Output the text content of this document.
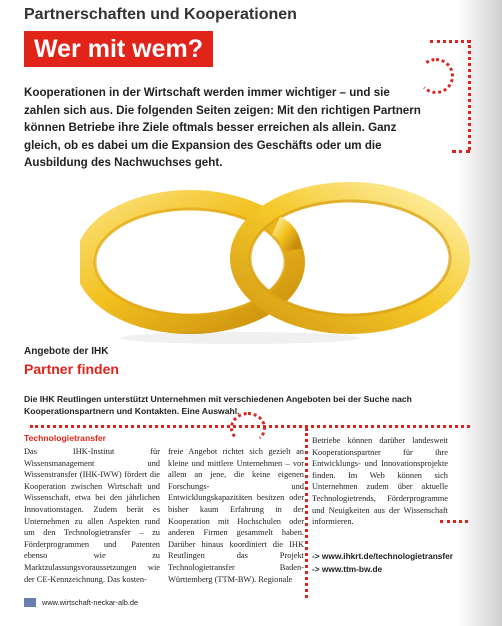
Partnerschaften und Kooperationen
Wer mit wem?
Kooperationen in der Wirtschaft werden immer wichtiger – und sie zahlen sich aus. Die folgenden Seiten zeigen: Mit den richtigen Partnern können Betriebe ihre Ziele oftmals besser erreichen als allein. Ganz gleich, ob es dabei um die Expansion des Geschäfts oder um die Ausbildung des Nachwuchses geht.
Angebote der IHK
Partner finden
Die IHK Reutlingen unterstützt Unternehmen mit verschiedenen Angeboten bei der Suche nach Kooperationspartnern und Kontakten. Eine Auswahl.
Technologietransfer
Das IHK-Institut für Wissensmanagement und Wissenstransfer (IHK-IWW) fördert die Kooperation zwischen Wirtschaft und Wissenschaft, etwa bei den jährlichen Innovationstagen. Zudem berät es Unternehmen zu allen Aspekten rund um den Technologietransfer – zu Förderprogrammen und Patenten ebenso wie zu Marktzulassungsvoraussetzungen wie der CE-Kennzeichnung. Das kosten-
freie Angebot richtet sich gezielt an kleine und mittlere Unternehmen – vor allem an jene, die keine eigenen Forschungs- und Entwicklungskapazitäten besitzen oder bisher kaum Erfahrung in der Kooperation mit Hochschulen oder anderen Firmen gesammelt haben. Darüber hinaus koordiniert die IHK Reutlingen das Projekt Technologietransfer Baden-Württemberg (TTM-BW). Regionale
Betriebe können darüber landesweit Kooperationspartner für ihre Entwicklungs- und Innovationsprojekte finden. Im Web können sich Unternehmen zudem über aktuelle Technologietrends, Förderprogramme und Neuigkeiten aus der Wissenschaft informieren.
-> www.ihkrt.de/technologietransfer
-> www.ttm-bw.de
www.wirtschaft-neckar-alb.de
